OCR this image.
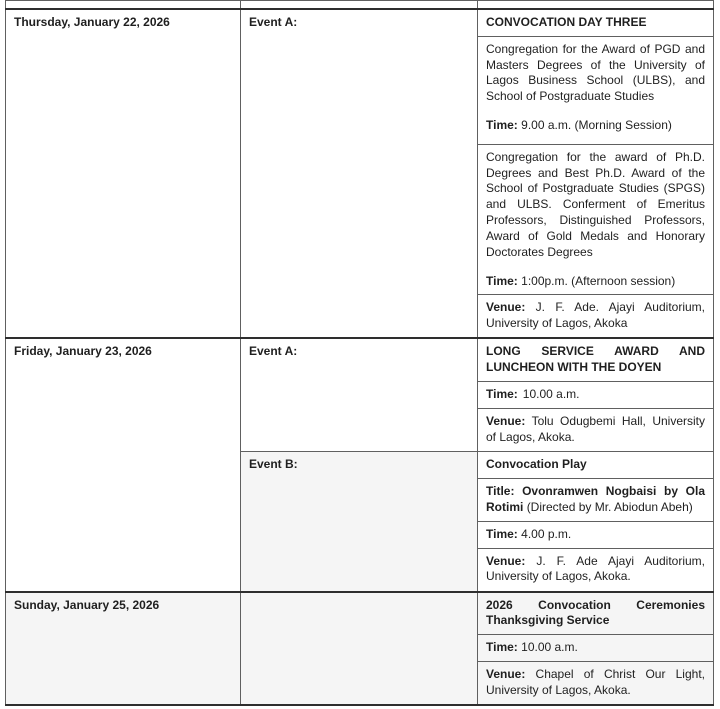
Thursday, January 22, 2026	Event A:	CONVOCATION DAY THREE

		Congregation for the Award of PGD and Masters Degrees of the University of Lagos Business School (ULBS), and School of Postgraduate Studies
Time: 9.00 a.m. (Morning Session)

		Congregation for the award of Ph.D. Degrees and Best Ph.D. Award of the School of Postgraduate Studies (SPGS) and ULBS. Conferment of Emeritus Professors, Distinguished Professors, Award of Gold Medals and Honorary Doctorates Degrees
Time: 1:00p.m. (Afternoon session)

		Venue: J. F. Ade. Ajayi Auditorium, University of Lagos, Akoka
Friday, January 23, 2026	Event A:	LONG SERVICE AWARD AND LUNCHEON WITH THE DOYEN
		Time: 10.00 a.m.
		Venue: Tolu Odugbemi Hall, University of Lagos, Akoka.
	Event B:	Convocation Play
		Title: Ovonramwen Nogbaisi by Ola Rotimi (Directed by Mr. Abiodun Abeh)
		Time: 4.00 p.m.
		Venue: J. F. Ade Ajayi Auditorium, University of Lagos, Akoka.
Sunday, January 25, 2026		2026 Convocation Ceremonies Thanksgiving Service
		Time: 10.00 a.m.
		Venue: Chapel of Christ Our Light, University of Lagos, Akoka.
